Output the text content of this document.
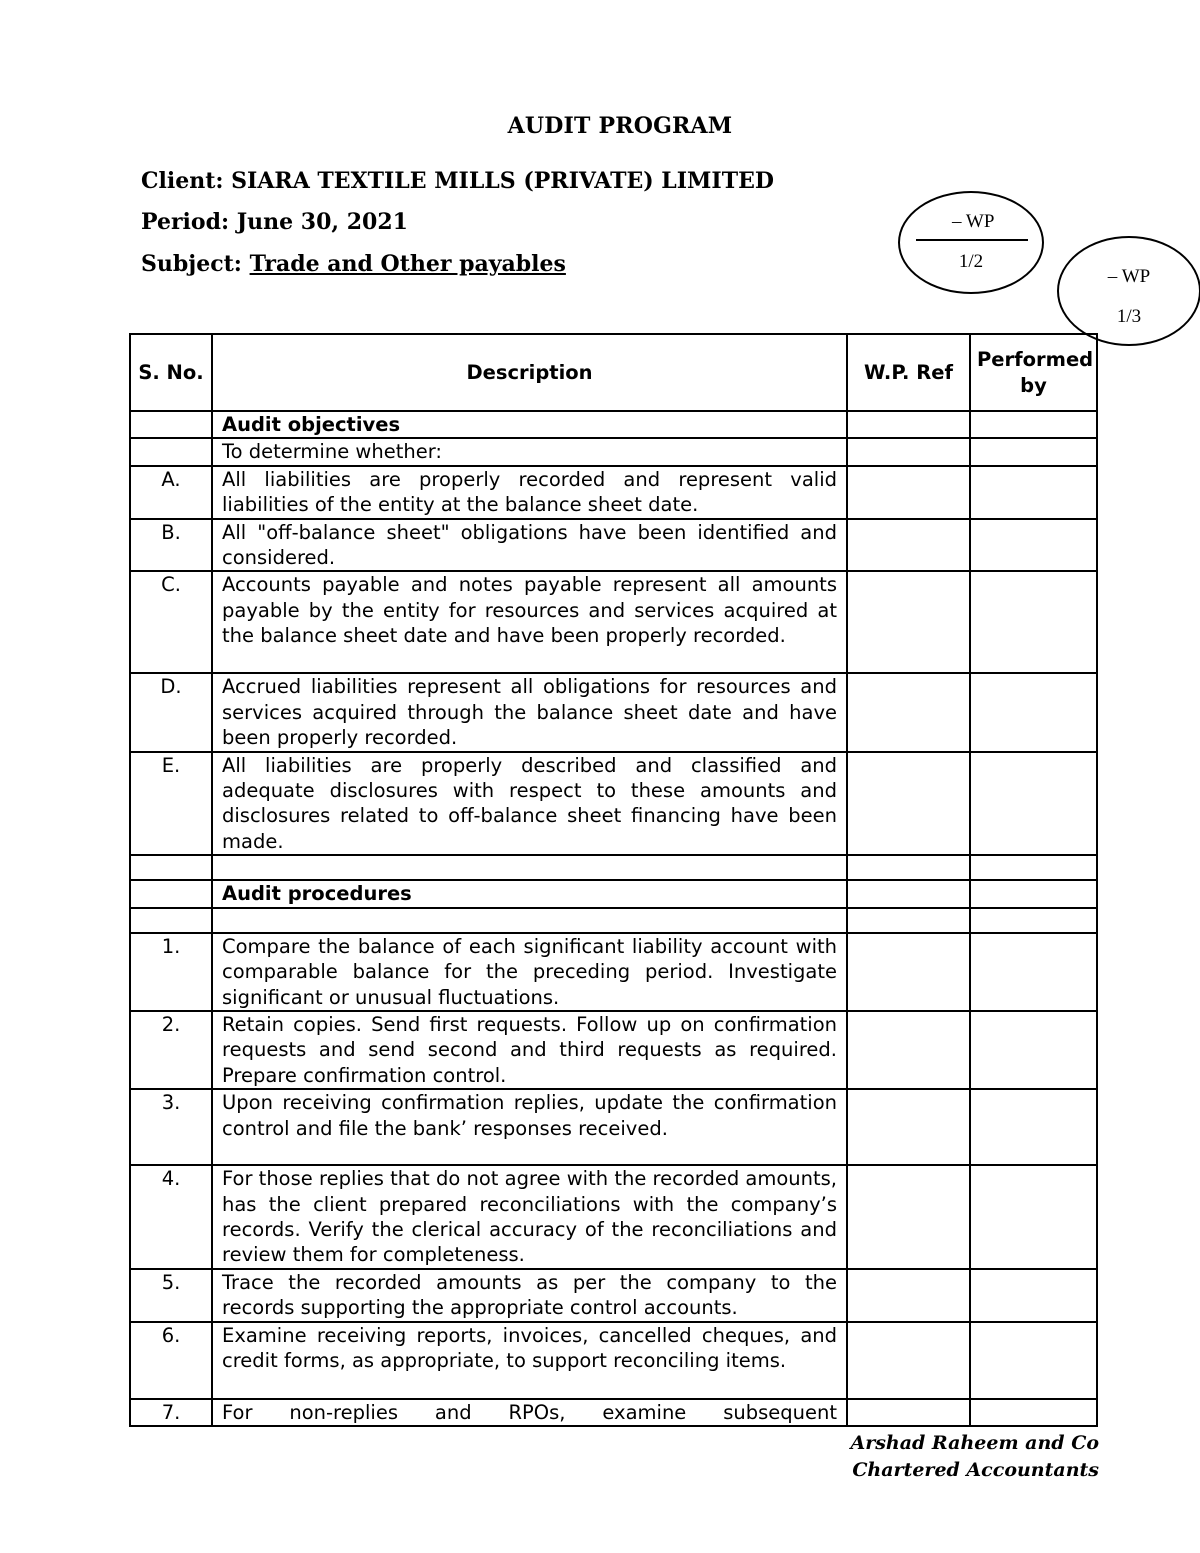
AUDIT PROGRAM
Client: SIARA TEXTILE MILLS (PRIVATE) LIMITED
Period: June 30, 2021
Subject: Trade and Other payables
– WP
1/2
– WP
1/3
S. No.	Description	W.P. Ref	Performed by
	Audit objectives		
	To determine whether:		
A.	All liabilities are properly recorded and represent valid liabilities of the entity at the balance sheet date.		
B.	All "off-balance sheet" obligations have been identified and considered.		
C.	Accounts payable and notes payable represent all amounts payable by the entity for resources and services acquired at the balance sheet date and have been properly recorded.		
D.	Accrued liabilities represent all obligations for resources and services acquired through the balance sheet date and have been properly recorded.		
E.	All liabilities are properly described and classified and adequate disclosures with respect to these amounts and disclosures related to off-balance sheet financing have been made.		

	Audit procedures		

1.	Compare the balance of each significant liability account with comparable balance for the preceding period. Investigate significant or unusual fluctuations.		
2.	Retain copies. Send first requests. Follow up on confirmation requests and send second and third requests as required. Prepare confirmation control.		
3.	Upon receiving confirmation replies, update the confirmation control and file the bank’ responses received.		
4.	For those replies that do not agree with the recorded amounts, has the client prepared reconciliations with the company’s records. Verify the clerical accuracy of the reconciliations and review them for completeness.		
5.	Trace the recorded amounts as per the company to the records supporting the appropriate control accounts.		
6.	Examine receiving reports, invoices, cancelled cheques, and credit forms, as appropriate, to support reconciling items.		
7.	For non-replies and RPOs, examine subsequent		
Arshad Raheem and Co
Chartered Accountants
